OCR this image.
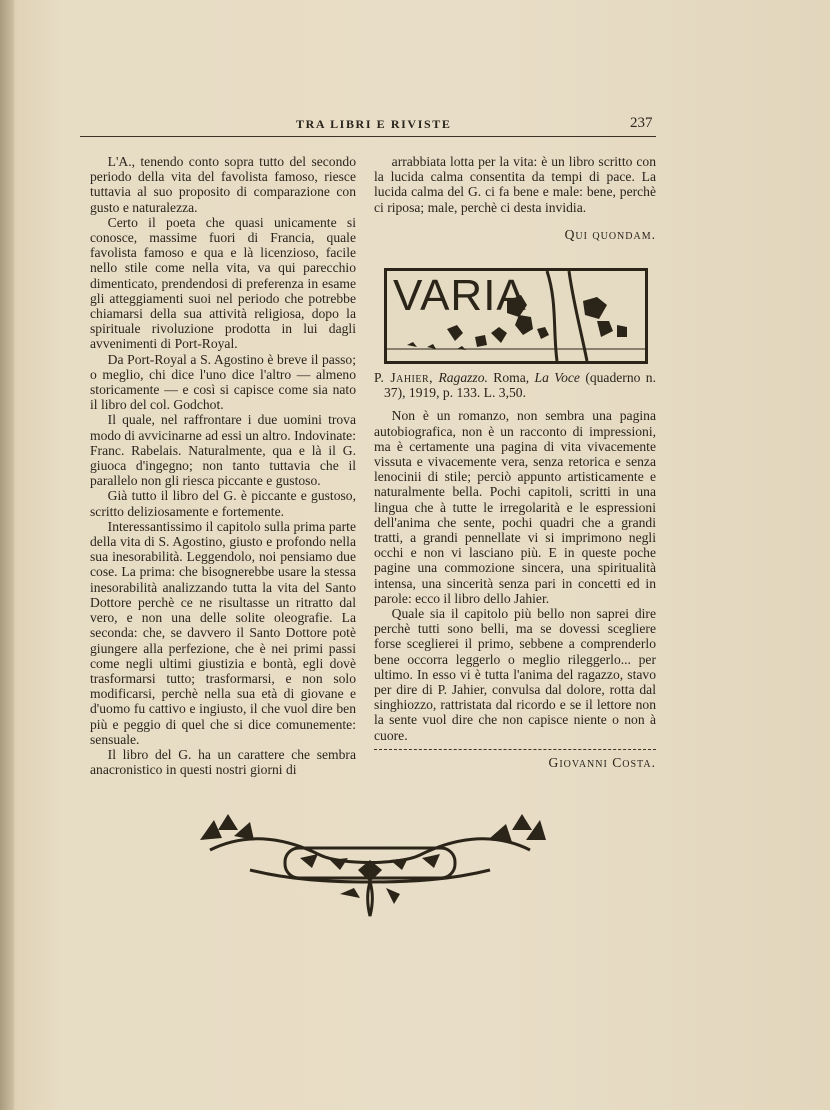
TRA LIBRI E RIVISTE	237

L'A., tenendo conto sopra tutto del secondo periodo della vita del favolista famoso, riesce tuttavia al suo proposito di comparazione con gusto e naturalezza.

Certo il poeta che quasi unicamente si conosce, massime fuori di Francia, quale favolista famoso e qua e là licenzioso, facile nello stile come nella vita, va qui parecchio dimenticato, prendendosi di preferenza in esame gli atteggiamenti suoi nel periodo che potrebbe chiamarsi della sua attività religiosa, dopo la spirituale rivoluzione prodotta in lui dagli avvenimenti di Port-Royal.

Da Port-Royal a S. Agostino è breve il passo; o meglio, chi dice l'uno dice l'altro — almeno storicamente — e così si capisce come sia nato il libro del col. Godchot.

Il quale, nel raffrontare i due uomini trova modo di avvicinarne ad essi un altro. Indovinate: Franc. Rabelais. Naturalmente, qua e là il G. giuoca d'ingegno; non tanto tuttavia che il parallelo non gli riesca piccante e gustoso.

Già tutto il libro del G. è piccante e gustoso, scritto deliziosamente e fortemente.

Interessantissimo il capitolo sulla prima parte della vita di S. Agostino, giusto e profondo nella sua inesorabilità. Leggendolo, noi pensiamo due cose. La prima: che bisognerebbe usare la stessa inesorabilità analizzando tutta la vita del Santo Dottore perchè ce ne risultasse un ritratto dal vero, e non una delle solite oleografie. La seconda: che, se davvero il Santo Dottore potè giungere alla perfezione, che è nei primi passi come negli ultimi giustizia e bontà, egli dovè trasformarsi tutto; trasformarsi, e non solo modificarsi, perchè nella sua età di giovane e d'uomo fu cattivo e ingiusto, il che vuol dire ben più e peggio di quel che si dice comunemente: sensuale.

Il libro del G. ha un carattere che sembra anacronistico in questi nostri giorni di

arrabbiata lotta per la vita: è un libro scritto con la lucida calma consentita da tempi di pace. La lucida calma del G. ci fa bene e male: bene, perchè ci riposa; male, perchè ci desta invidia.

Qui quondam.

VARIA

P. Jahier, Ragazzo. Roma, La Voce (quaderno n. 37), 1919, p. 133. L. 3,50.

Non è un romanzo, non sembra una pagina autobiografica, non è un racconto di impressioni, ma è certamente una pagina di vita vivacemente vissuta e vivacemente vera, senza retorica e senza lenocinii di stile; perciò appunto artisticamente e naturalmente bella. Pochi capitoli, scritti in una lingua che à tutte le irregolarità e le espressioni dell'anima che sente, pochi quadri che a grandi tratti, a grandi pennellate vi si imprimono negli occhi e non vi lasciano più. E in queste poche pagine una commozione sincera, una spiritualità intensa, una sincerità senza pari in concetti ed in parole: ecco il libro dello Jahier.

Quale sia il capitolo più bello non saprei dire perchè tutti sono belli, ma se dovessi scegliere forse sceglierei il primo, sebbene a comprenderlo bene occorra leggerlo o meglio rileggerlo... per ultimo. In esso vi è tutta l'anima del ragazzo, stavo per dire di P. Jahier, convulsa dal dolore, rotta dal singhiozzo, rattristata dal ricordo e se il lettore non la sente vuol dire che non capisce niente o non à cuore.

Giovanni Costa.
